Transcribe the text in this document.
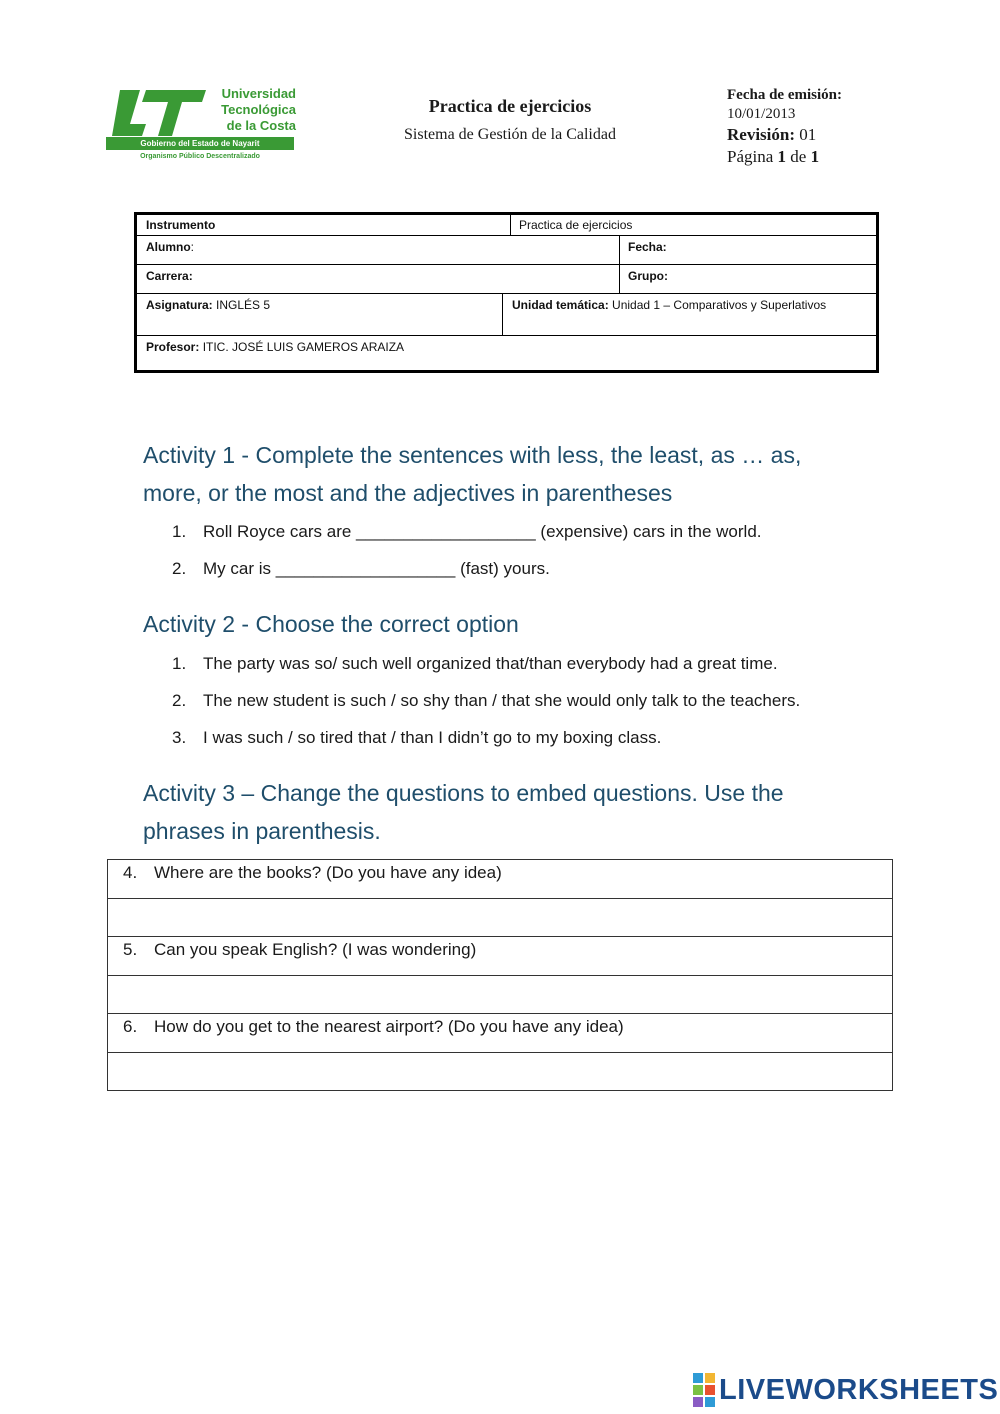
Universidad
Tecnológica
de la Costa
Gobierno del Estado de Nayarit
Organismo Público Descentralizado
Practica de ejercicios
Sistema de Gestión de la Calidad
Fecha de emisión:
10/01/2013
Revisión: 01
Página 1 de 1
Instrumento	Practica de ejercicios
Alumno:	Fecha:
Carrera:	Grupo:
Asignatura: INGLÉS 5	Unidad temática: Unidad 1 – Comparativos y Superlativos
Profesor: ITIC. JOSÉ LUIS GAMEROS ARAIZA
Activity 1 - Complete the sentences with less, the least, as … as,
more, or the most and the adjectives in parentheses
1. Roll Royce cars are ___________________ (expensive) cars in the world.
2. My car is ___________________ (fast) yours.
Activity 2 - Choose the correct option
1. The party was so/ such well organized that/than everybody had a great time.
2. The new student is such / so shy than / that she would only talk to the teachers.
3. I was such / so tired that / than I didn’t go to my boxing class.
Activity 3 – Change the questions to embed questions. Use the
phrases in parenthesis.
4. Where are the books? (Do you have any idea)

5. Can you speak English? (I was wondering)

6. How do you get to the nearest airport? (Do you have any idea)

LIVEWORKSHEETS
